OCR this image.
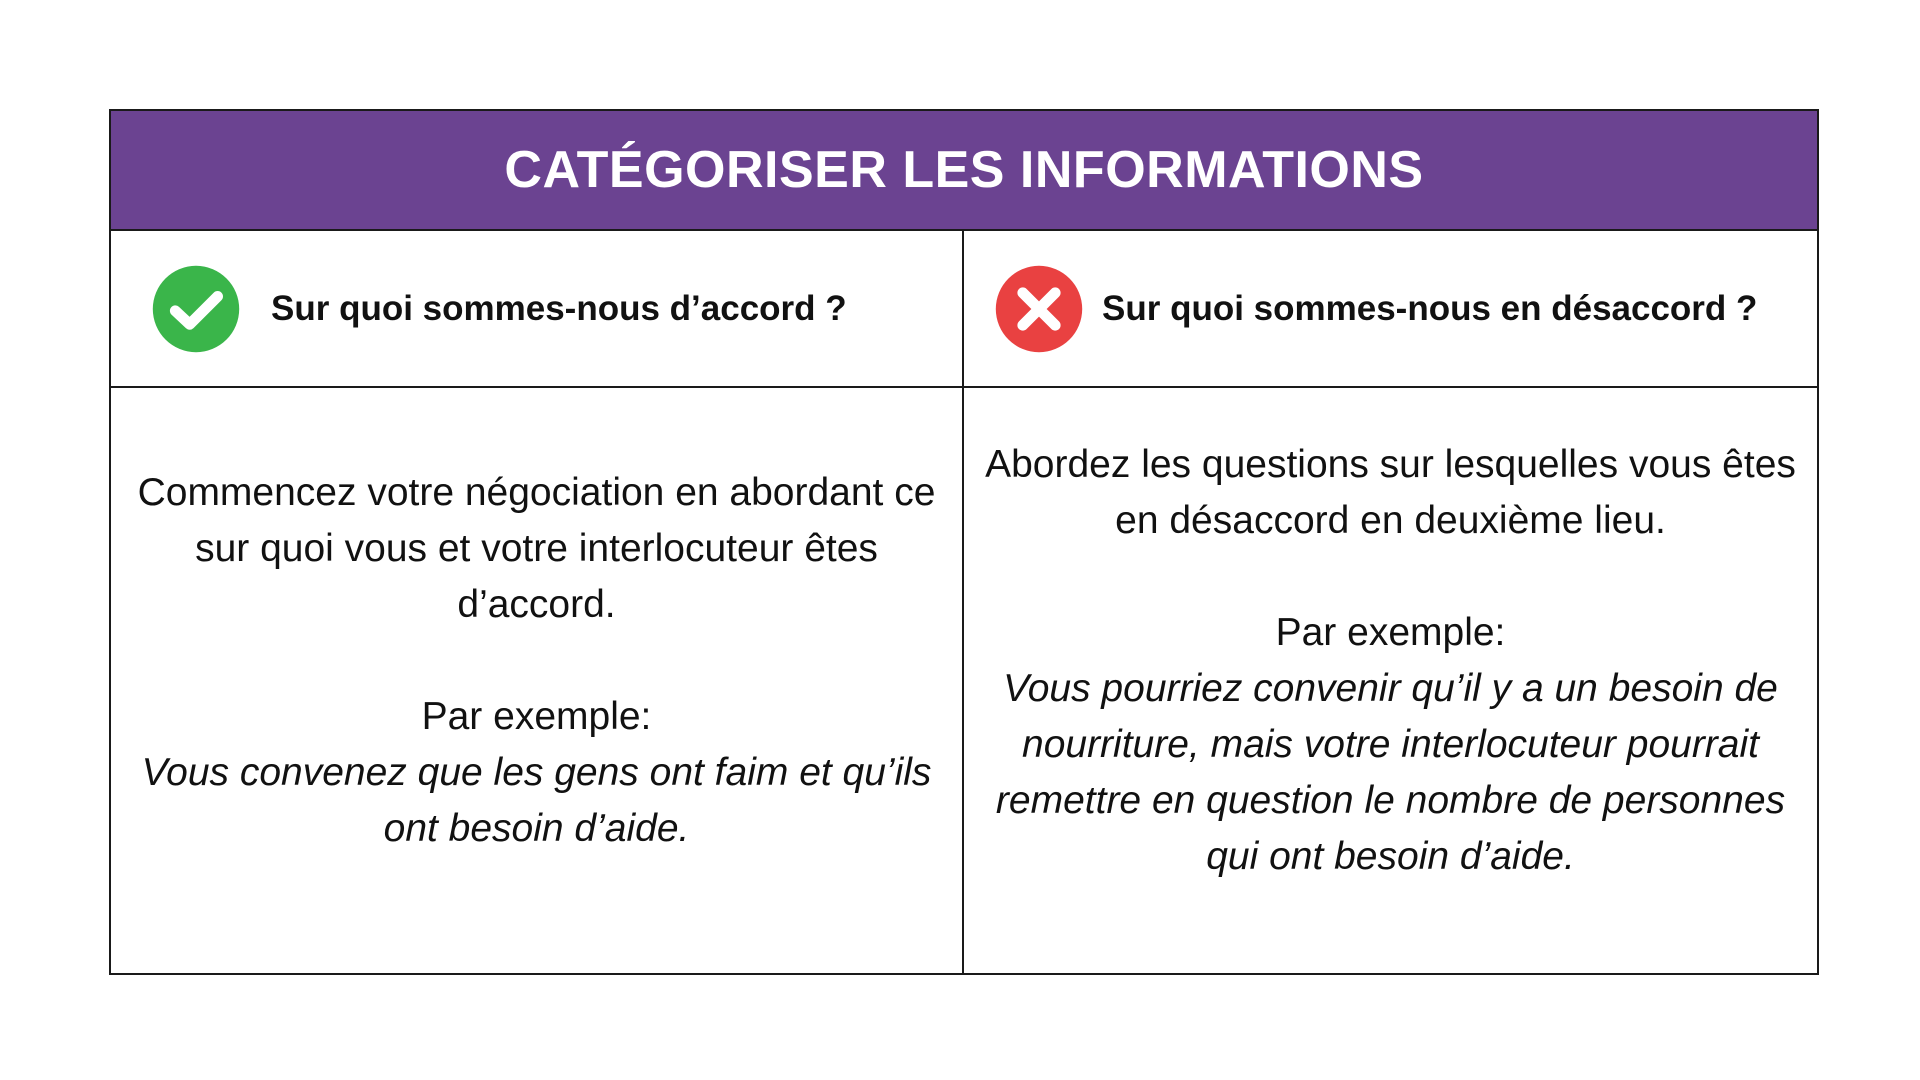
CATÉGORISER LES INFORMATIONS
Sur quoi sommes-nous d’accord ?	Sur quoi sommes-nous en désaccord ?

Commencez votre négociation en abordant ce sur quoi vous et votre interlocuteur êtes d’accord.

Par exemple:

Vous convenez que les gens ont faim et qu’ils ont besoin d’aide.

Abordez les questions sur lesquelles vous êtes en désaccord en deuxième lieu.

Par exemple:

Vous pourriez convenir qu’il y a un besoin de nourriture, mais votre interlocuteur pourrait remettre en question le nombre de personnes qui ont besoin d’aide.
